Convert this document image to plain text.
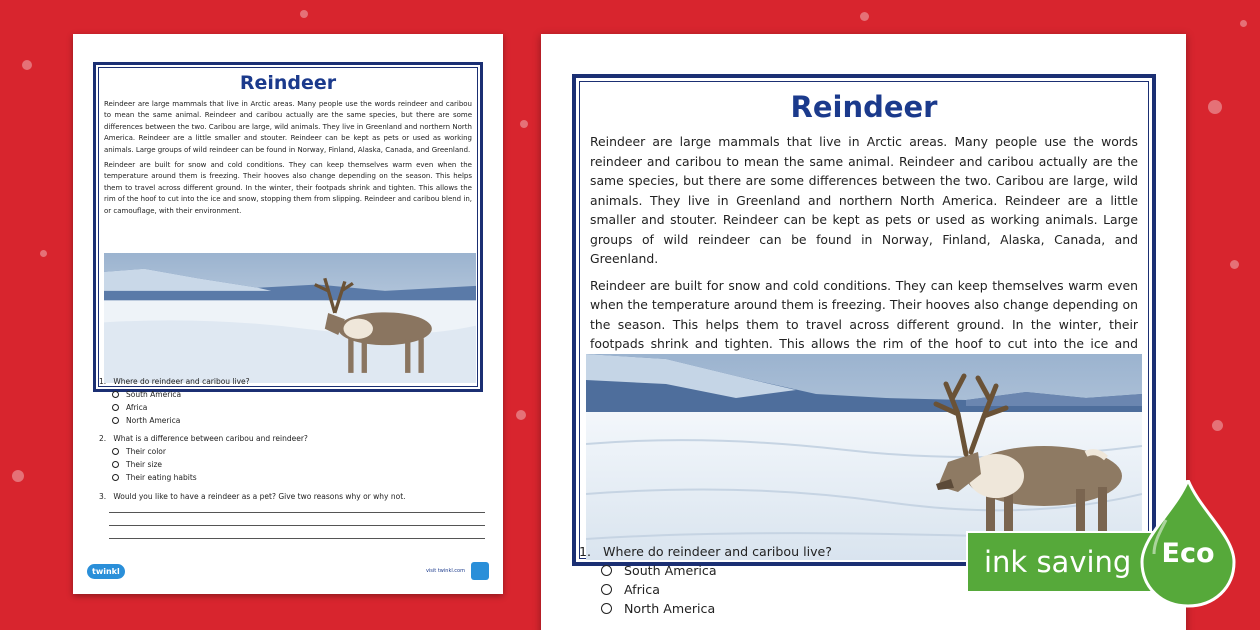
Reindeer

Reindeer are large mammals that live in Arctic areas. Many people use the words reindeer and caribou to mean the same animal. Reindeer and caribou actually are the same species, but there are some differences between the two. Caribou are large, wild animals. They live in Greenland and northern North America. Reindeer are a little smaller and stouter. Reindeer can be kept as pets or used as working animals. Large groups of wild reindeer can be found in Norway, Finland, Alaska, Canada, and Greenland.

Reindeer are built for snow and cold conditions. They can keep themselves warm even when the temperature around them is freezing. Their hooves also change depending on the season. This helps them to travel across different ground. In the winter, their footpads shrink and tighten. This allows the rim of the hoof to cut into the ice and snow, stopping them from slipping. Reindeer and caribou blend in, or camouflage, with their environment.

1. Where do reindeer and caribou live?
South America
Africa
North America
2. What is a difference between caribou and reindeer?
Their color
Their size
Their eating habits
3. Would you like to have a reindeer as a pet? Give two reasons why or why not.
twinkl	visit twinkl.com
Reindeer

Reindeer are large mammals that live in Arctic areas. Many people use the words reindeer and caribou to mean the same animal. Reindeer and caribou actually are the same species, but there are some differences between the two. Caribou are large, wild animals. They live in Greenland and northern North America. Reindeer are a little smaller and stouter. Reindeer can be kept as pets or used as working animals. Large groups of wild reindeer can be found in Norway, Finland, Alaska, Canada, and Greenland.

Reindeer are built for snow and cold conditions. They can keep themselves warm even when the temperature around them is freezing. Their hooves also change depending on the season. This helps them to travel across different ground. In the winter, their footpads shrink and tighten. This allows the rim of the hoof to cut into the ice and

1. Where do reindeer and caribou live?
South America
Africa
North America
ink saving	Eco
